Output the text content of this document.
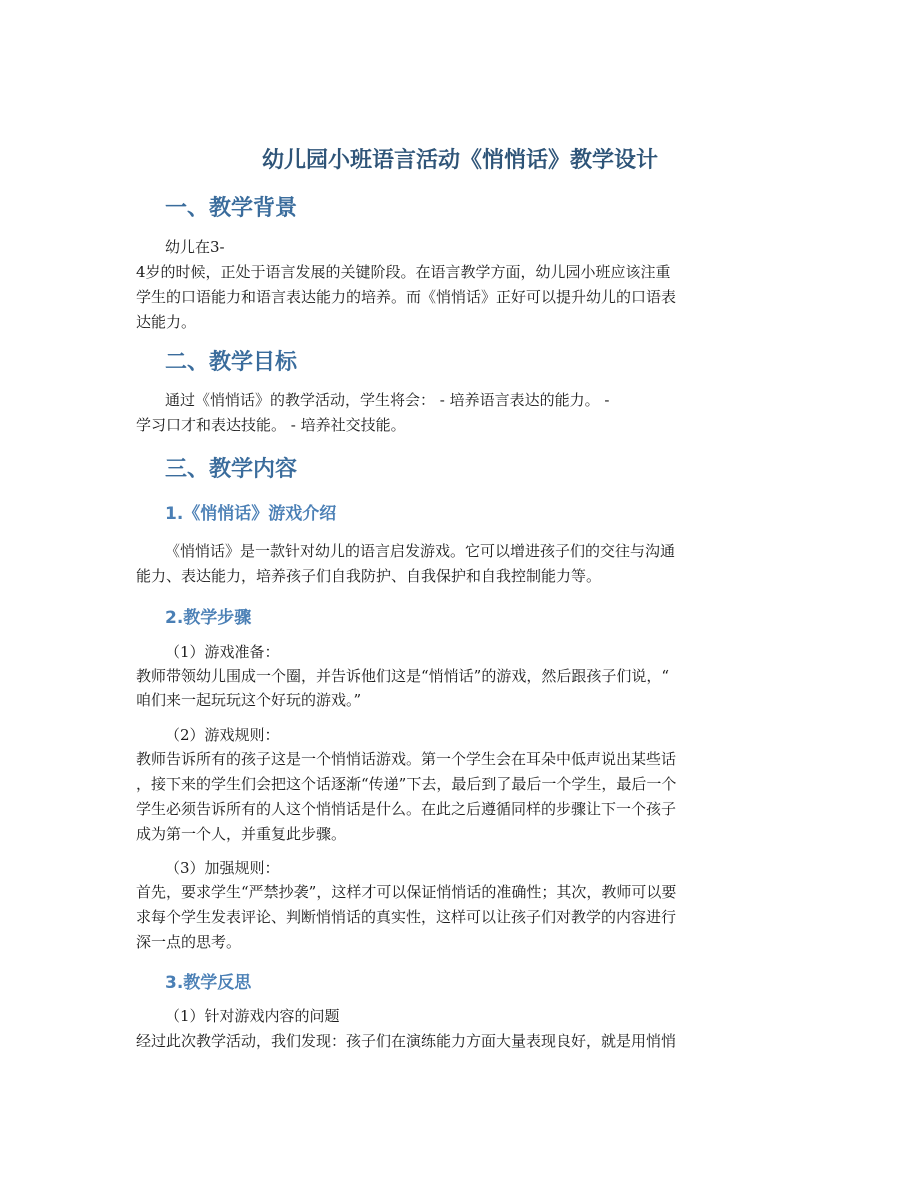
幼儿园小班语言活动《悄悄话》教学设计
一、教学背景

幼儿在3-

4岁的时候，正处于语言发展的关键阶段。在语言教学方面，幼儿园小班应该注重

学生的口语能力和语言表达能力的培养。而《悄悄话》正好可以提升幼儿的口语表

达能力。

二、教学目标

通过《悄悄话》的教学活动，学生将会： - 培养语言表达的能力。 -

学习口才和表达技能。 - 培养社交技能。

三、教学内容
1.《悄悄话》游戏介绍

《悄悄话》是一款针对幼儿的语言启发游戏。它可以增进孩子们的交往与沟通

能力、表达能力，培养孩子们自我防护、自我保护和自我控制能力等。

2.教学步骤

（1）游戏准备：

教师带领幼儿围成一个圈，并告诉他们这是“悄悄话”的游戏，然后跟孩子们说，“

咱们来一起玩玩这个好玩的游戏。”

（2）游戏规则：

教师告诉所有的孩子这是一个悄悄话游戏。第一个学生会在耳朵中低声说出某些话

，接下来的学生们会把这个话逐渐“传递”下去，最后到了最后一个学生，最后一个

学生必须告诉所有的人这个悄悄话是什么。在此之后遵循同样的步骤让下一个孩子

成为第一个人，并重复此步骤。

（3）加强规则：

首先，要求学生“严禁抄袭”，这样才可以保证悄悄话的准确性；其次，教师可以要

求每个学生发表评论、判断悄悄话的真实性，这样可以让孩子们对教学的内容进行

深一点的思考。

3.教学反思

（1）针对游戏内容的问题

经过此次教学活动，我们发现：孩子们在演练能力方面大量表现良好，就是用悄悄
